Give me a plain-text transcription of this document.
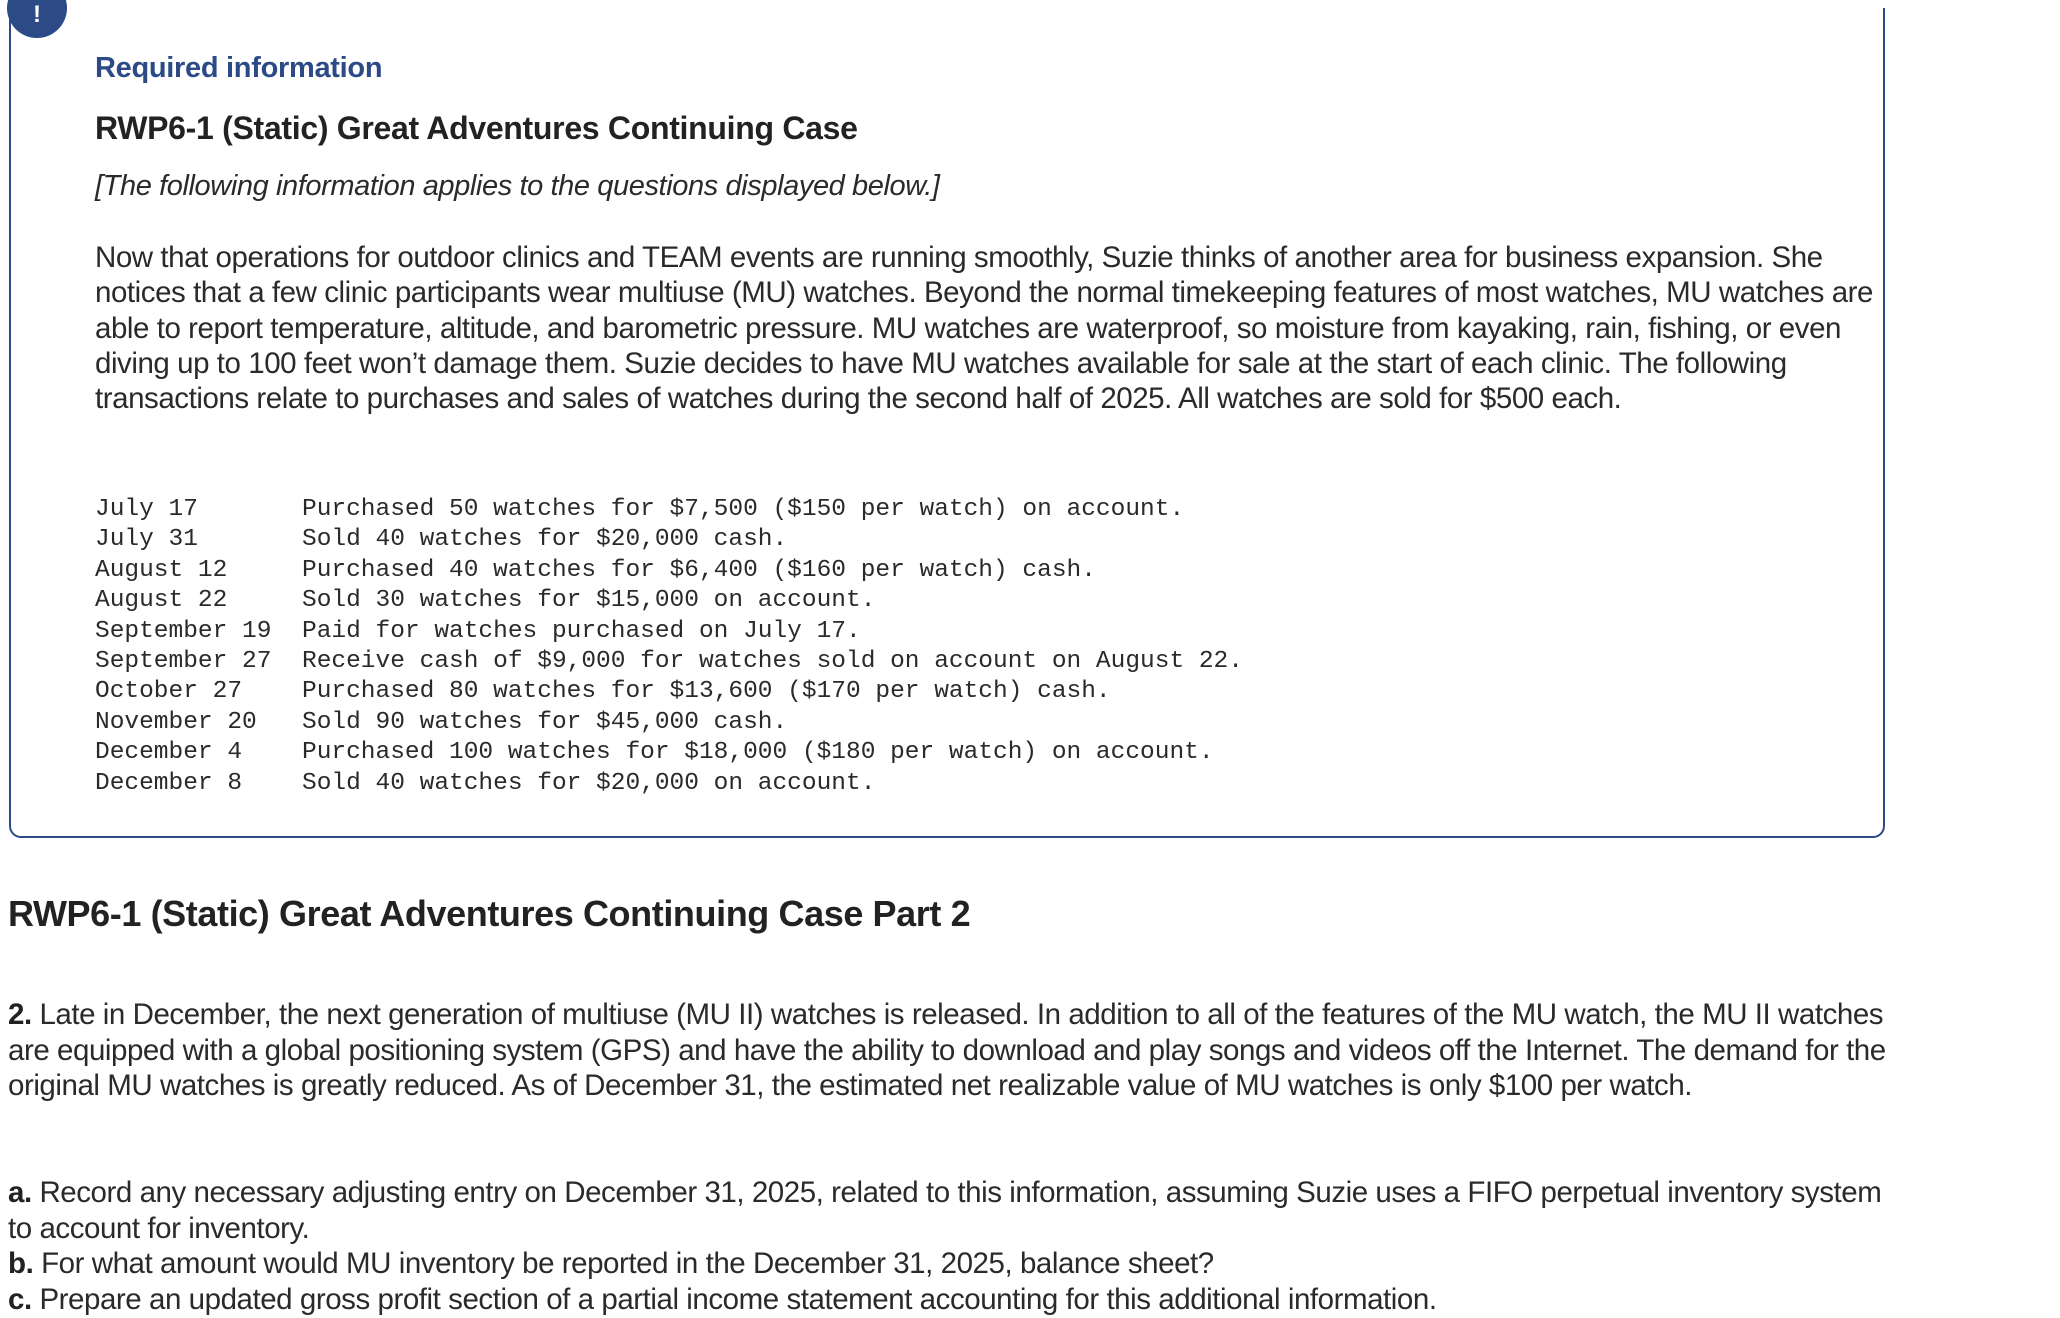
!
Required information
RWP6-1 (Static) Great Adventures Continuing Case
[The following information applies to the questions displayed below.]

Now that operations for outdoor clinics and TEAM events are running smoothly, Suzie thinks of another area for business expansion. She notices that a few clinic participants wear multiuse (MU) watches. Beyond the normal timekeeping features of most watches, MU watches are able to report temperature, altitude, and barometric pressure. MU watches are waterproof, so moisture from kayaking, rain, fishing, or even diving up to 100 feet won’t damage them. Suzie decides to have MU watches available for sale at the start of each clinic. The following transactions relate to purchases and sales of watches during the second half of 2025. All watches are sold for $500 each.

July 17	Purchased 50 watches for $7,500 ($150 per watch) on account.
July 31	Sold 40 watches for $20,000 cash.
August 12	Purchased 40 watches for $6,400 ($160 per watch) cash.
August 22	Sold 30 watches for $15,000 on account.
September 19	Paid for watches purchased on July 17.
September 27	Receive cash of $9,000 for watches sold on account on August 22.
October 27	Purchased 80 watches for $13,600 ($170 per watch) cash.
November 20	Sold 90 watches for $45,000 cash.
December 4	Purchased 100 watches for $18,000 ($180 per watch) on account.
December 8	Sold 40 watches for $20,000 on account.
RWP6-1 (Static) Great Adventures Continuing Case Part 2

2. Late in December, the next generation of multiuse (MU II) watches is released. In addition to all of the features of the MU watch, the MU II watches are equipped with a global positioning system (GPS) and have the ability to download and play songs and videos off the Internet. The demand for the original MU watches is greatly reduced. As of December 31, the estimated net realizable value of MU watches is only $100 per watch.

a. Record any necessary adjusting entry on December 31, 2025, related to this information, assuming Suzie uses a FIFO perpetual inventory system to account for inventory.

b. For what amount would MU inventory be reported in the December 31, 2025, balance sheet?

c. Prepare an updated gross profit section of a partial income statement accounting for this additional information.
